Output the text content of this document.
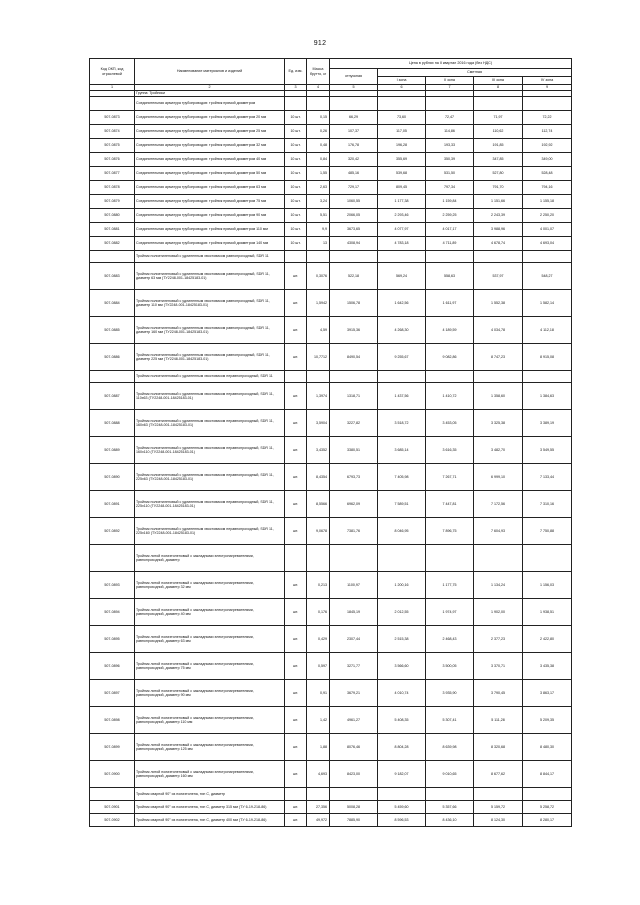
912
Код ОКП, код отраслевой	Наименование материалов и изделий	Ед. изм.	Масса брутто, кг	Цена в рублях на II квартал 2016 года (без НДС)				
				отпускная	Сметная			
					I зона	II зона	III зона	IV зона
1	2	3	4	5	6	7	8	9
	Группа: Тройники							
	Соединительная арматура трубопроводов: тройник прямой диаметром							
507-0873	Соединительная арматура трубопроводов: тройник прямой диаметром 20 мм	10 шт.	0,15	66,29	73,60	72,47	71,97	72,22
507-0874	Соединительная арматура трубопроводов: тройник прямой диаметром 25 мм	10 шт.	0,26	107,37	117,05	114,86	110,62	112,74
507-0875	Соединительная арматура трубопроводов: тройник прямой диаметром 32 мм	10 шт.	0,48	176,78	196,28	193,33	191,85	192,92
507-0876	Соединительная арматура трубопроводов: тройник прямой диаметром 40 мм	10 шт.	0,84	320,42	355,69	350,39	347,85	349,00
507-0877	Соединительная арматура трубопроводов: тройник прямой диаметром 50 мм	10 шт.	1,55	485,16	539,68	531,50	527,80	528,48
507-0878	Соединительная арматура трубопроводов: тройник прямой диаметром 63 мм	10 шт.	2,63	729,17	809,45	797,34	791,70	794,16
507-0879	Соединительная арматура трубопроводов: тройник прямой диаметром 75 мм	10 шт.	3,24	1060,55	1 177,38	1 159,84	1 151,66	1 155,18
507-0880	Соединительная арматура трубопроводов: тройник прямой диаметром 90 мм	10 шт.	5,51	2066,05	2 293,46	2 259,25	2 243,39	2 250,20
507-0881	Соединительная арматура трубопроводов: тройник прямой диаметром 110 мм	10 шт.	9,9	3673,65	4 077,97	4 017,17	3 988,96	4 001,07
507-0882	Соединительная арматура трубопроводов: тройник прямой диаметром 140 мм	10 шт.	13	4308,94	4 783,18	4 711,89	4 678,74	4 693,04
	Тройник полиэтиленовый с удлиненным хвостовиком равнопроходный, SDR 11							
507-0883	Тройник полиэтиленовый с удлиненным хвостовиком равнопроходный, SDR 11, диаметр 63 мм (ТУ2248-001-18425183-01)	шт.	0,3076	522,18	569,24	558,63	537,97	548,27
507-0884	Тройник полиэтиленовый с удлиненным хвостовиком равнопроходный, SDR 11, диаметр 110 мм (ТУ2248-001-18425183-01)	шт.	1,5942	1506,78	1 642,56	1 611,97	1 552,38	1 582,14
507-0885	Тройник полиэтиленовый с удлиненным хвостовиком равнопроходный, SDR 11, диаметр 160 мм (ТУ2248-001-18425183-01)	шт.	4,59	3915,36	4 268,30	4 189,59	4 034,78	4 112,18
507-0886	Тройник полиэтиленовый с удлиненным хвостовиком равнопроходный, SDR 11, диаметр 225 мм (ТУ2248-001-18425183-01)	шт.	10,7712	8490,54	9 255,67	9 082,86	8 747,23	8 915,08
	Тройник полиэтиленовый с удлиненным хвостовиком неравнопроходный, SDR 11							
507-0887	Тройник полиэтиленовый с удлиненным хвостовиком неравнопроходный, SDR 11, 110x63 (ТУ2248-001-18425183-01)	шт.	1,3974	1318,71	1 437,56	1 410,72	1 358,60	1 384,63
507-0888	Тройник полиэтиленовый с удлиненным хвостовиком неравнопроходный, SDR 11, 160x63 (ТУ2248-001-18425183-01)	шт.	3,5904	3227,82	3 518,72	3 453,05	3 325,38	3 389,19
507-0889	Тройник полиэтиленовый с удлиненным хвостовиком неравнопроходный, SDR 11, 160x110 (ТУ2248-001-18425183-01)	шт.	3,4352	3380,51	3 685,14	3 616,35	3 482,70	3 549,55
507-0890	Тройник полиэтиленовый с удлиненным хвостовиком неравнопроходный, SDR 11, 225x63 (ТУ2248-001-18425183-01)	шт.	8,4354	6793,73	7 405,98	7 267,71	6 999,10	7 133,44
507-0891	Тройник полиэтиленовый с удлиненным хвостовиком неравнопроходный, SDR 11, 225x110 (ТУ2248-001-18425183-01)	шт.	8,5566	6962,09	7 589,51	7 447,81	7 172,56	7 310,16
507-0892	Тройник полиэтиленовый с удлиненным хвостовиком неравнопроходный, SDR 11, 225x160 (ТУ2248-001-18425183-01)	шт.	9,0678	7381,76	8 046,95	7 896,75	7 604,93	7 750,88
	Тройник литой полиэтиленовый с закладными электронагревателями, равнопроходной, диаметр							
507-0893	Тройник литой полиэтиленовый с закладными электронагревателями, равнопроходной, диаметр 32 мм	шт.	0,213	1100,97	1 200,16	1 177,75	1 134,24	1 156,03
507-0894	Тройник литой полиэтиленовый с закладными электронагревателями, равнопроходной, диаметр 40 мм	шт.	0,176	1845,19	2 012,55	1 974,97	1 902,00	1 938,51
507-0895	Тройник литой полиэтиленовый с закладными электронагревателями, равнопроходной, диаметр 63 мм	шт.	0,429	2307,44	2 515,38	2 468,43	2 377,23	2 422,80
507-0896	Тройник литой полиэтиленовый с закладными электронагревателями, равнопроходной, диаметр 75 мм	шт.	0,597	3271,77	3 566,60	3 500,05	3 370,71	3 435,38
507-0897	Тройник литой полиэтиленовый с закладными электронагревателями, равнопроходной, диаметр 90 мм	шт.	0,91	3679,21	4 010,74	3 935,90	3 790,45	3 863,17
507-0898	Тройник литой полиэтиленовый с закладными электронагревателями, равнопроходной, диаметр 110 мм	шт.	1,42	4961,27	5 408,35	5 307,41	5 111,28	5 209,35
507-0899	Тройник литой полиэтиленовый с закладными электронагревателями, равнопроходной, диаметр 125 мм	шт.	1,88	8076,46	8 804,28	8 639,98	8 320,68	8 480,30
507-0900	Тройник литой полиэтиленовый с закладными электронагревателями, равнопроходной, диаметр 160 мм	шт.	4,693	8423,00	9 182,07	9 010,65	8 677,62	8 844,17
	Тройник сварной 90° из полиэтилена, тип С, диаметр							
507-0901	Тройник сварной 90° из полиэтилена, тип С, диаметр 315 мм (ТУ 6-19-218-86)	шт.	27,356	5008,28	5 459,60	5 357,66	5 159,72	5 258,72
507-0902	Тройник сварной 90° из полиэтилена, тип С, диаметр 400 мм (ТУ 6-19-218-86)	шт.	49,972	7885,90	8 596,53	8 436,10	8 124,30	8 280,17
